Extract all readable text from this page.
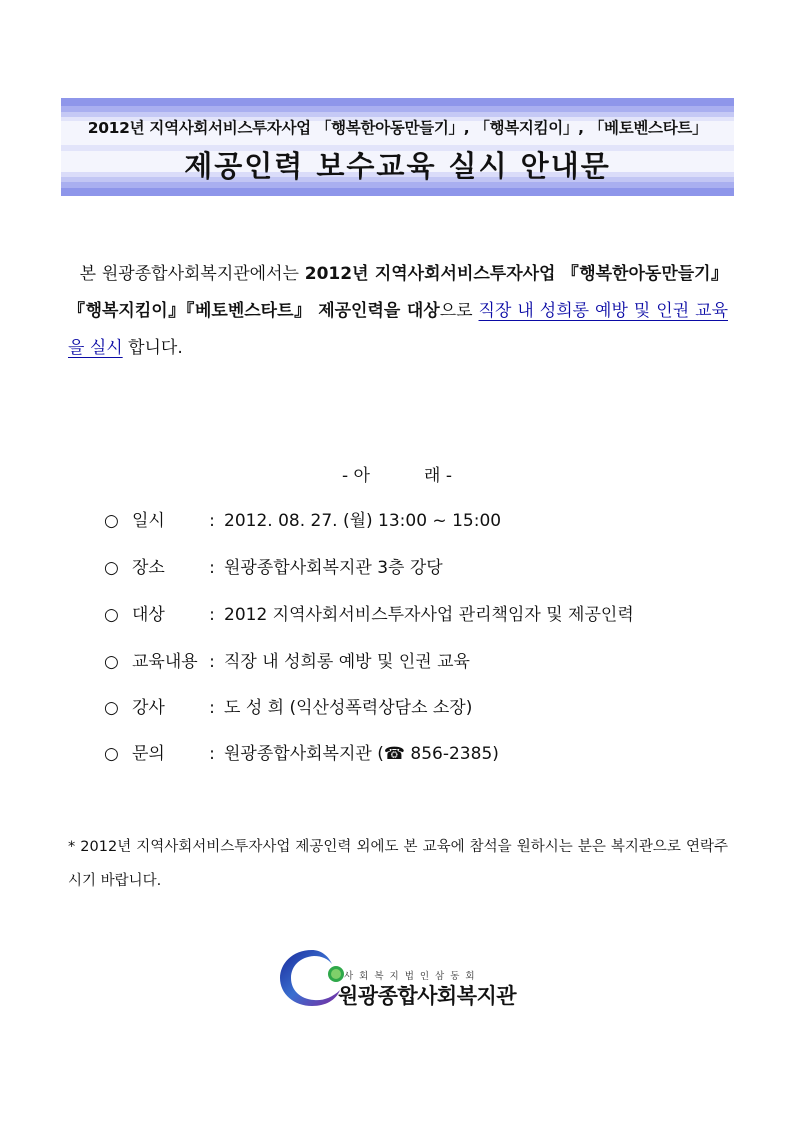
2012년 지역사회서비스투자사업 「행복한아동만들기」, 「행복지킴이」, 「베토벤스타트」
제공인력 보수교육 실시 안내문
본 원광종합사회복지관에서는 2012년 지역사회서비스투자사업 『행복한아동만들기』『행복지킴이』『베토벤스타트』 제공인력을 대상으로 직장 내 성희롱 예방 및 인권 교육을 실시 합니다.
- 아          래 -
○ 일시	: 2012. 08. 27. (월) 13:00 ~ 15:00
○ 장소	: 원광종합사회복지관 3층 강당
○ 대상	: 2012 지역사회서비스투자사업 관리책임자 및 제공인력
○ 교육내용 : 직장 내 성희롱 예방 및 인권 교육
○ 강사	: 도 성 희 (익산성폭력상담소 소장)
○ 문의	: 원광종합사회복지관 (☎ 856-2385)
* 2012년 지역사회서비스투자사업 제공인력 외에도 본 교육에 참석을 원하시는 분은 복지관으로 연락주시기 바랍니다.
사회복지법인삼동회
원광종합사회복지관
